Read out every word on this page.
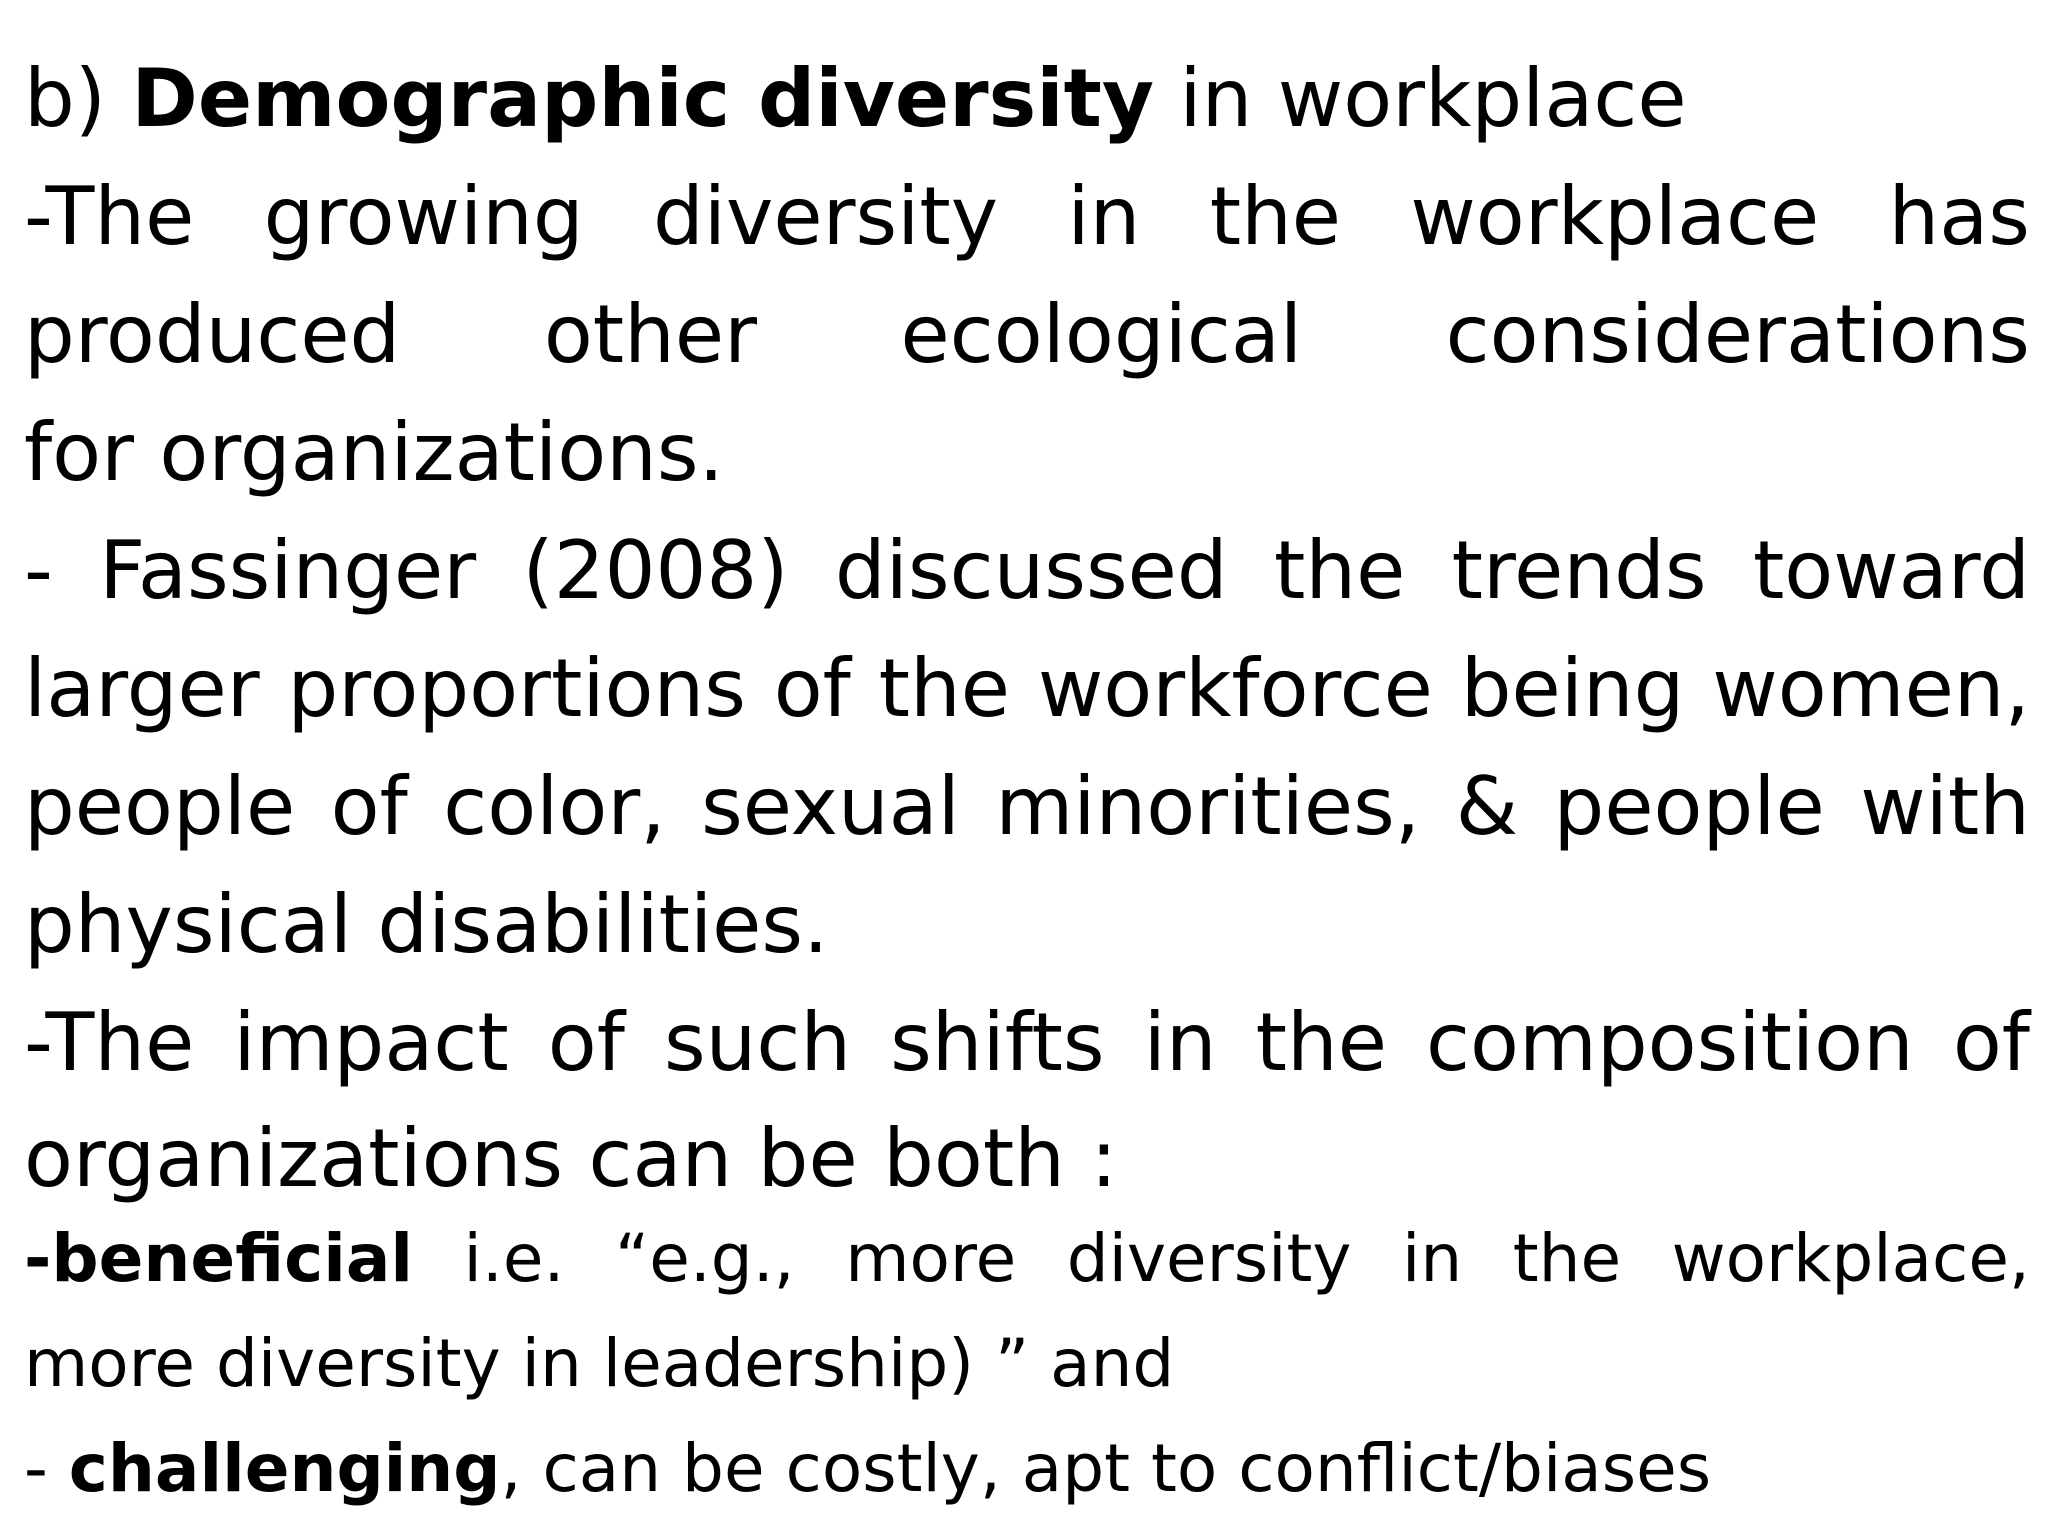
b) Demographic diversity in workplace
-The growing diversity in the workplace has
produced other ecological considerations
for organizations.
- Fassinger (2008) discussed the trends toward
larger proportions of the workforce being women,
people of color, sexual minorities, & people with
physical disabilities.
-The impact of such shifts in the composition of
organizations can be both :
-beneficial i.e. “e.g., more diversity in the workplace,
more diversity in leadership) ” and
- challenging, can be costly, apt to conflict/biases
